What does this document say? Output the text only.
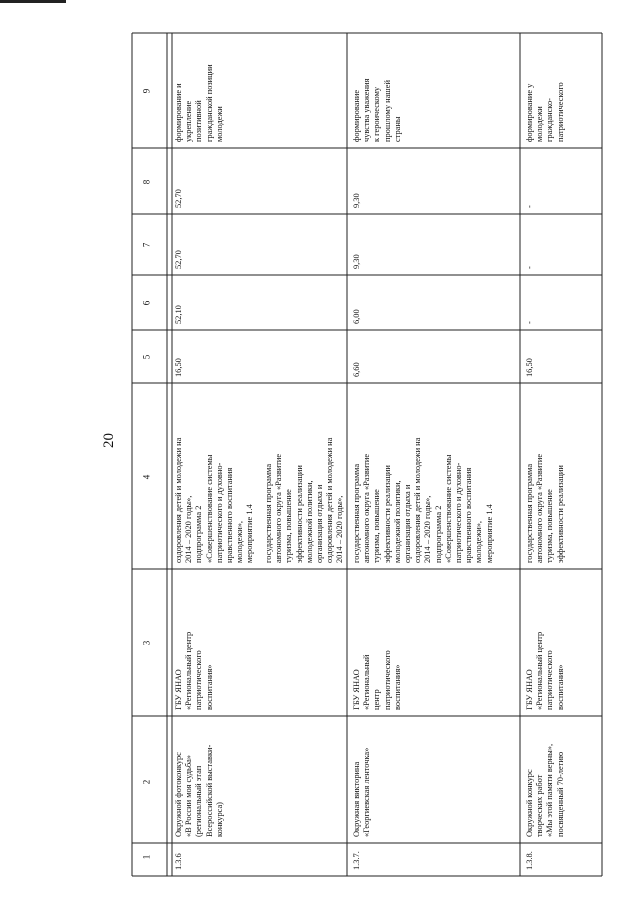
20
1
2
3
4
5
6
7
8
9
оздоровления детей и молодежи на
2014 – 2020 годы»,
подпрограмма 2
«Совершенствование системы
патриотического и духовно-
нравственного воспитания
молодежи»,
мероприятие 1.4
1.3.6
Окружной фотоконкурс
«В России моя судьба»
(региональный этап
Всероссийской выставки-
конкурса)
ГБУ ЯНАО
«Региональный центр
патриотического
воспитания»
государственная программа
автономного округа «Развитие
туризма, повышение
эффективности реализации
молодежной политики,
организация отдыха и
оздоровления детей и молодежи на
2014 – 2020 годы»,

16,50
52,10
52,70
52,70
формирование и
укрепление
позитивной
гражданской позиции
молодежи
1.3.7.
Окружная викторина
«Георгиевская ленточка»
ГБУ ЯНАО
«Региональный
центр
патриотического
воспитания»
государственная программа
автономного округа «Развитие
туризма, повышение
эффективности реализации
молодежной политики,
организация отдыха и
оздоровления детей и молодежи на
2014 – 2020 годы»,
подпрограмма 2
«Совершенствование системы
патриотического и духовно-
нравственного воспитания
молодежи»,
мероприятие 1.4
6,60
6,00
9,30
9,30
формирование
чувства уважения
к героическому
прошлому нашей
страны
1.3.8.
Окружной конкурс
творческих работ
«Мы этой памяти верны»,
посвященный 70-летию
ГБУ ЯНАО
«Региональный центр
патриотического
воспитания»
государственная программа
автономного округа «Развитие
туризма, повышение
эффективности реализации
16,50
-
-
-
формирование у
молодежи
гражданско-
патриотического
